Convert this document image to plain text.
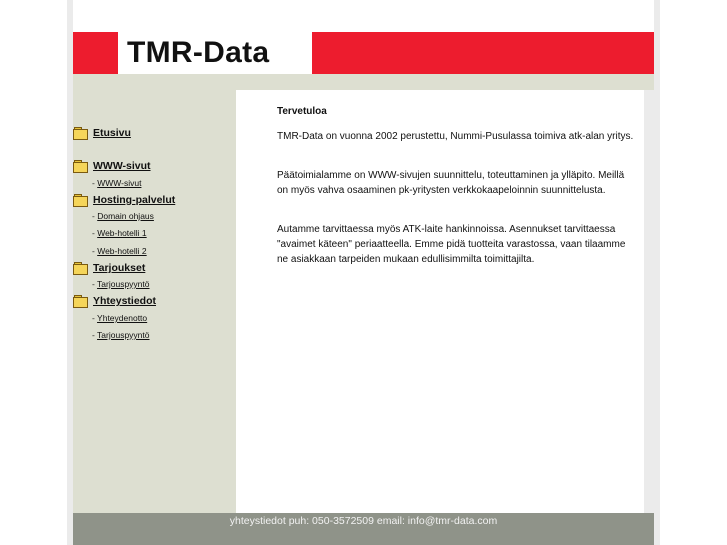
TMR-Data
Etusivu
WWW-sivut
- WWW-sivut
Hosting-palvelut
- Domain ohjaus
- Web-hotelli 1
- Web-hotelli 2
Tarjoukset
- Tarjouspyyntö
Yhteystiedot
- Yhteydenotto
- Tarjouspyyntö
Tervetuloa

TMR-Data on vuonna 2002 perustettu, Nummi-Pusulassa toimiva atk-alan yritys.

Päätoimialamme on WWW-sivujen suunnittelu, toteuttaminen ja ylläpito. Meillä on myös vahva osaaminen pk-yritysten verkkokaapeloinnin suunnittelusta.

Autamme tarvittaessa myös ATK-laite hankinnoissa. Asennukset tarvittaessa "avaimet käteen" periaatteella. Emme pidä tuotteita varastossa, vaan tilaamme ne asiakkaan tarpeiden mukaan edullisimmilta toimittajilta.

yhteystiedot puh: 050-3572509 email: info@tmr-data.com
